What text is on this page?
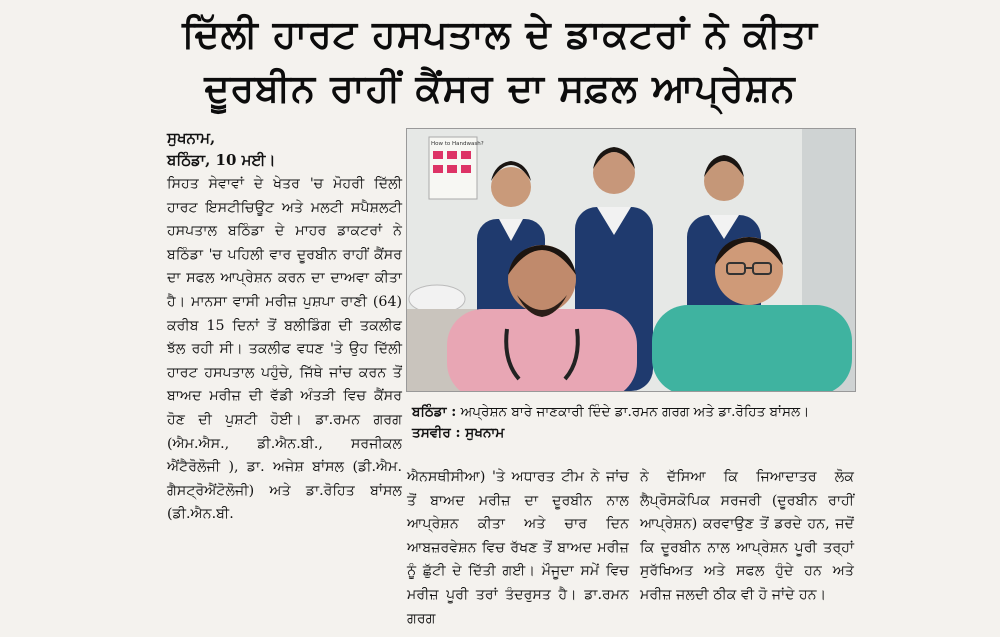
ਦਿੱਲੀ ਹਾਰਟ ਹਸਪਤਾਲ ਦੇ ਡਾਕਟਰਾਂ ਨੇ ਕੀਤਾ
ਦੂਰਬੀਨ ਰਾਹੀਂ ਕੈਂਸਰ ਦਾ ਸਫ਼ਲ ਆਪ੍ਰੇਸ਼ਨ
ਸੁਖਨਾਮ,
ਬਠਿੰਡਾ, 10 ਮਈ।

ਸਿਹਤ ਸੇਵਾਵਾਂ ਦੇ ਖੇਤਰ 'ਚ ਮੋਹਰੀ ਦਿੱਲੀ ਹਾਰਟ ਇਸਟੀਚਿਊਟ ਅਤੇ ਮਲਟੀ ਸਪੈਸ਼ਲਟੀ ਹਸਪਤਾਲ ਬਠਿੰਡਾ ਦੇ ਮਾਹਰ ਡਾਕਟਰਾਂ ਨੇ ਬਠਿੰਡਾ 'ਚ ਪਹਿਲੀ ਵਾਰ ਦੂਰਬੀਨ ਰਾਹੀਂ ਕੈਂਸਰ ਦਾ ਸਫਲ ਆਪ੍ਰੇਸ਼ਨ ਕਰਨ ਦਾ ਦਾਅਵਾ ਕੀਤਾ ਹੈ। ਮਾਨਸਾ ਵਾਸੀ ਮਰੀਜ਼ ਪੁਸ਼ਪਾ ਰਾਣੀ (64) ਕਰੀਬ 15 ਦਿਨਾਂ ਤੋਂ ਬਲੀਡਿੰਗ ਦੀ ਤਕਲੀਫ ਝੱਲ ਰਹੀ ਸੀ। ਤਕਲੀਫ ਵਧਣ 'ਤੇ ਉਹ ਦਿੱਲੀ ਹਾਰਟ ਹਸਪਤਾਲ ਪਹੁੰਚੇ, ਜਿੱਥੇ ਜਾਂਚ ਕਰਨ ਤੋਂ ਬਾਅਦ ਮਰੀਜ਼ ਦੀ ਵੱਡੀ ਅੰਤੜੀ ਵਿਚ ਕੈਂਸਰ ਹੋਣ ਦੀ ਪੁਸ਼ਟੀ ਹੋਈ। ਡਾ.ਰਮਨ ਗਰਗ (ਐਮ.ਐਸ., ਡੀ.ਐਨ.ਬੀ., ਸਰਜੀਕਲ ਐਂਟੈਰੋਲੋਜੀ ), ਡਾ. ਅਜੇਸ਼ ਬਾਂਸਲ (ਡੀ.ਐਮ. ਗੈਸਟ੍ਰੋਐਂਟੋਲੋਜੀ) ਅਤੇ ਡਾ.ਰੋਹਿਤ ਬਾਂਸਲ (ਡੀ.ਐਨ.ਬੀ.

How to Handwash?
ਬਠਿੰਡਾ : ਅਪ੍ਰੇਸ਼ਨ ਬਾਰੇ ਜਾਣਕਾਰੀ ਦਿੰਦੇ ਡਾ.ਰਮਨ ਗਰਗ ਅਤੇ ਡਾ.ਰੋਹਿਤ ਬਾਂਸਲ। ਤਸਵੀਰ : ਸੁਖਨਾਮ

ਐਨਸਥੀਸੀਆ) 'ਤੇ ਅਧਾਰਤ ਟੀਮ ਨੇ ਜਾਂਚ ਤੋਂ ਬਾਅਦ ਮਰੀਜ਼ ਦਾ ਦੂਰਬੀਨ ਨਾਲ ਆਪ੍ਰੇਸ਼ਨ ਕੀਤਾ ਅਤੇ ਚਾਰ ਦਿਨ ਆਬਜ਼ਰਵੇਸ਼ਨ ਵਿਚ ਰੱਖਣ ਤੋਂ ਬਾਅਦ ਮਰੀਜ਼ ਨੂੰ ਛੁੱਟੀ ਦੇ ਦਿੱਤੀ ਗਈ। ਮੌਜੂਦਾ ਸਮੇਂ ਵਿਚ ਮਰੀਜ਼ ਪੂਰੀ ਤਰਾਂ ਤੰਦਰੁਸਤ ਹੈ। ਡਾ.ਰਮਨ ਗਰਗ

ਨੇ ਦੱਸਿਆ ਕਿ ਜਿਆਦਾਤਰ ਲੋਕ ਲੈਪ੍ਰੋਸਕੋਪਿਕ ਸਰਜਰੀ (ਦੂਰਬੀਨ ਰਾਹੀਂ ਆਪ੍ਰੇਸ਼ਨ) ਕਰਵਾਉਣ ਤੋਂ ਡਰਦੇ ਹਨ, ਜਦੋਂ ਕਿ ਦੂਰਬੀਨ ਨਾਲ ਆਪ੍ਰੇਸ਼ਨ ਪੂਰੀ ਤਰ੍ਹਾਂ ਸੁਰੱਖਿਅਤ ਅਤੇ ਸਫਲ ਹੁੰਦੇ ਹਨ ਅਤੇ ਮਰੀਜ਼ ਜਲਦੀ ਠੀਕ ਵੀ ਹੋ ਜਾਂਦੇ ਹਨ।
